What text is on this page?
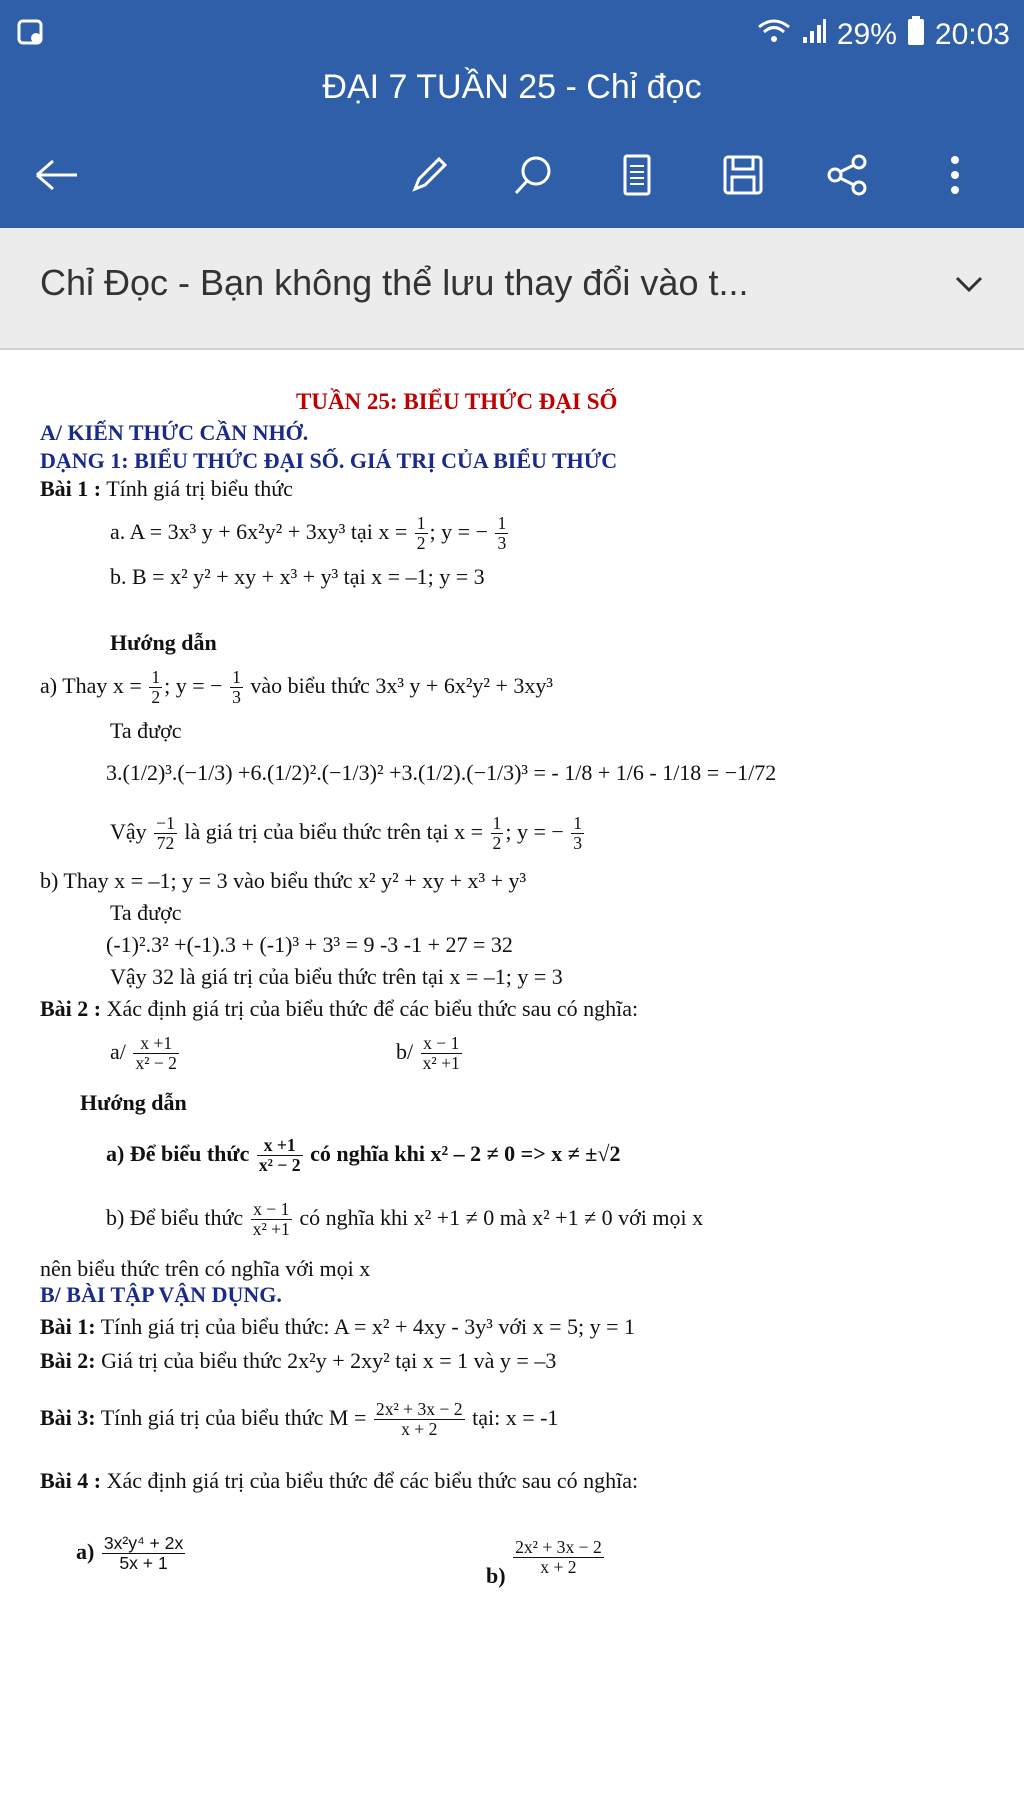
29% 20:03
ĐẠI 7 TUẦN 25 - Chỉ đọc
Chỉ Đọc - Bạn không thể lưu thay đổi vào t...
TUẦN 25: BIỂU THỨC ĐẠI SỐ
A/ KIẾN THỨC CẦN NHỚ.
DẠNG 1: BIỂU THỨC ĐẠI SỐ. GIÁ TRỊ CỦA BIỂU THỨC
Bài 1 : Tính giá trị biểu thức
a. A = 3x³ y + 6x²y² + 3xy³ tại $x = \frac{1}{2}$ ; y = − $\frac{1}{3}$
b. B = x² y² + xy + x³ + y³ tại x = –1; y = 3
Hướng dẫn
a) Thay $x = \frac{1}{2}$ ; y = − $\frac{1}{3}$ vào biểu thức 3x³ y + 6x²y² + 3xy³
Ta được
3.(1/2)³.(−1/3) +6.(1/2)².(−1/3)² +3.(1/2).(−1/3)³ = - 1/8 + 1/6 - 1/18 = −1/72
Vậy $\frac{-1}{72}$ là giá trị của biểu thức trên tại $x = \frac{1}{2}$ ; y = − $\frac{1}{3}$
b) Thay x = –1; y = 3 vào biểu thức x² y² + xy + x³ + y³
Ta được
(-1)².3² +(-1).3 + (-1)³ + 3³ = 9 -3 -1 + 27 = 32
Vậy 32 là giá trị của biểu thức trên tại x = –1; y = 3
Bài 2 : Xác định giá trị của biểu thức để các biểu thức sau có nghĩa:
$a/ \frac{x +1}{\text{x² − 2}}$	$b/ \frac{x - 1}{\text{x² +1}}$
Hướng dẫn
a) Để biểu thức $\frac{x +1}{\text{x² − 2}}$ có nghĩa khi x² – 2 ≠ 0 => x ≠ ±√2
b) Để biểu thức $\frac{x - 1}{\text{x² +1}}$ có nghĩa khi x² +1 ≠ 0 mà x² +1 ≠ 0 với mọi x
nên biểu thức trên có nghĩa với mọi x
B/ BÀI TẬP VẬN DỤNG.
Bài 1: Tính giá trị của biểu thức: A = x² + 4xy - 3y³ với x = 5; y = 1
Bài 2: Giá trị của biểu thức 2x²y + 2xy² tại x = 1 và y = –3
Bài 3: Tính giá trị của biểu thức $M = \frac{\text{2x² + 3x − 2}}{x + 2}$ tại: x = -1
Bài 4 : Xác định giá trị của biểu thức để các biểu thức sau có nghĩa:
$a) \frac{\text{3x²y⁴ + 2x}}{5x + 1}$
$b) \frac{\text{2x² + 3x − 2}}{x + 2}$
